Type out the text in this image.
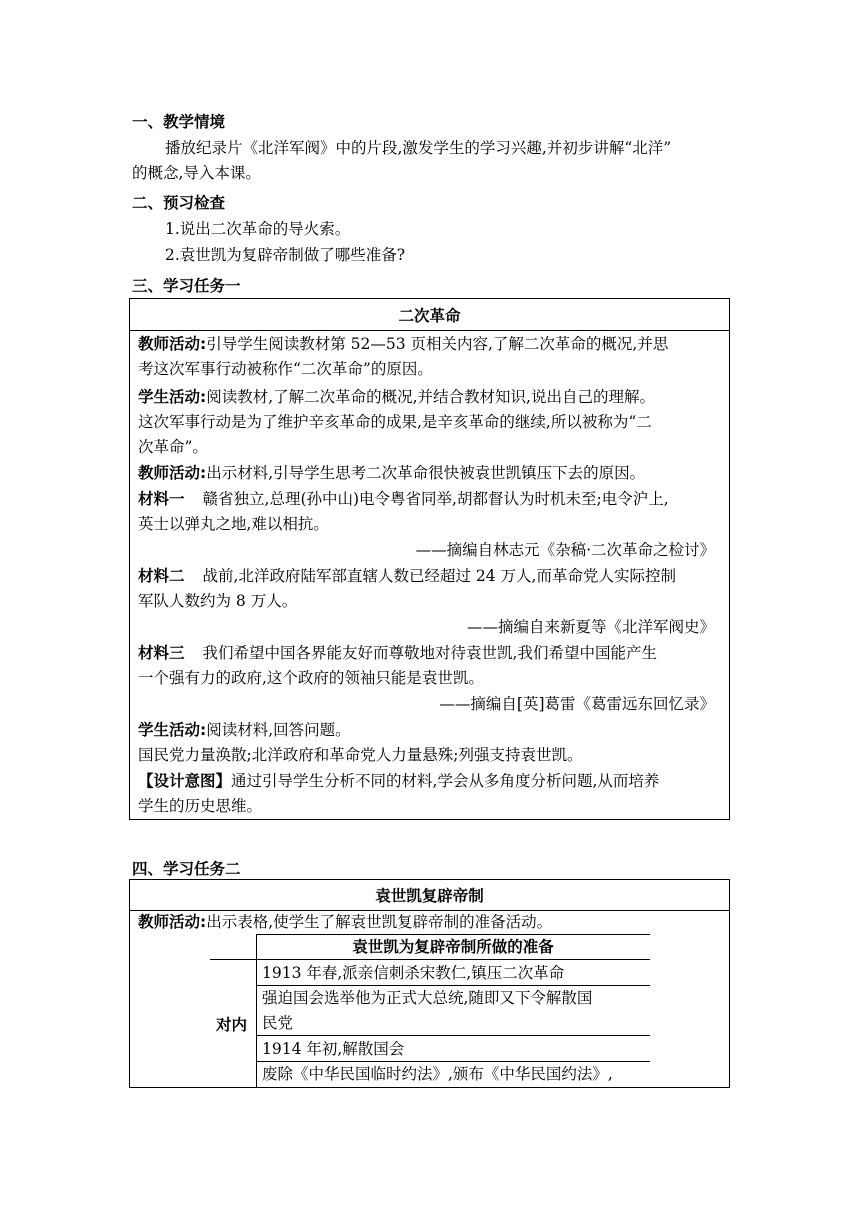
一、教学情境
播放纪录片《北洋军阀》中的片段,激发学生的学习兴趣,并初步讲解“北洋”
的概念,导入本课。
二、预习检查
1.说出二次革命的导火索。
2.袁世凯为复辟帝制做了哪些准备?
三、学习任务一
二次革命
教师活动:引导学生阅读教材第 52—53 页相关内容,了解二次革命的概况,并思
考这次军事行动被称作“二次革命”的原因。
学生活动:阅读教材,了解二次革命的概况,并结合教材知识,说出自己的理解。
这次军事行动是为了维护辛亥革命的成果,是辛亥革命的继续,所以被称为“二
次革命”。
教师活动:出示材料,引导学生思考二次革命很快被袁世凯镇压下去的原因。
材料一 赣省独立,总理(孙中山)电令粤省同举,胡都督认为时机未至;电令沪上,
英士以弹丸之地,难以相抗。
——摘编自林志元《杂稿·二次革命之检讨》
材料二 战前,北洋政府陆军部直辖人数已经超过 24 万人,而革命党人实际控制
军队人数约为 8 万人。
——摘编自来新夏等《北洋军阀史》
材料三 我们希望中国各界能友好而尊敬地对待袁世凯,我们希望中国能产生
一个强有力的政府,这个政府的领袖只能是袁世凯。
——摘编自[英]葛雷《葛雷远东回忆录》
学生活动:阅读材料,回答问题。
国民党力量涣散;北洋政府和革命党人力量悬殊;列强支持袁世凯。
【设计意图】通过引导学生分析不同的材料,学会从多角度分析问题,从而培养
学生的历史思维。
四、学习任务二
袁世凯复辟帝制
教师活动:出示表格,使学生了解袁世凯复辟帝制的准备活动。
袁世凯为复辟帝制所做的准备
对内
1913 年春,派亲信刺杀宋教仁,镇压二次革命
强迫国会选举他为正式大总统,随即又下令解散国
民党
1914 年初,解散国会
废除《中华民国临时约法》,颁布《中华民国约法》,
